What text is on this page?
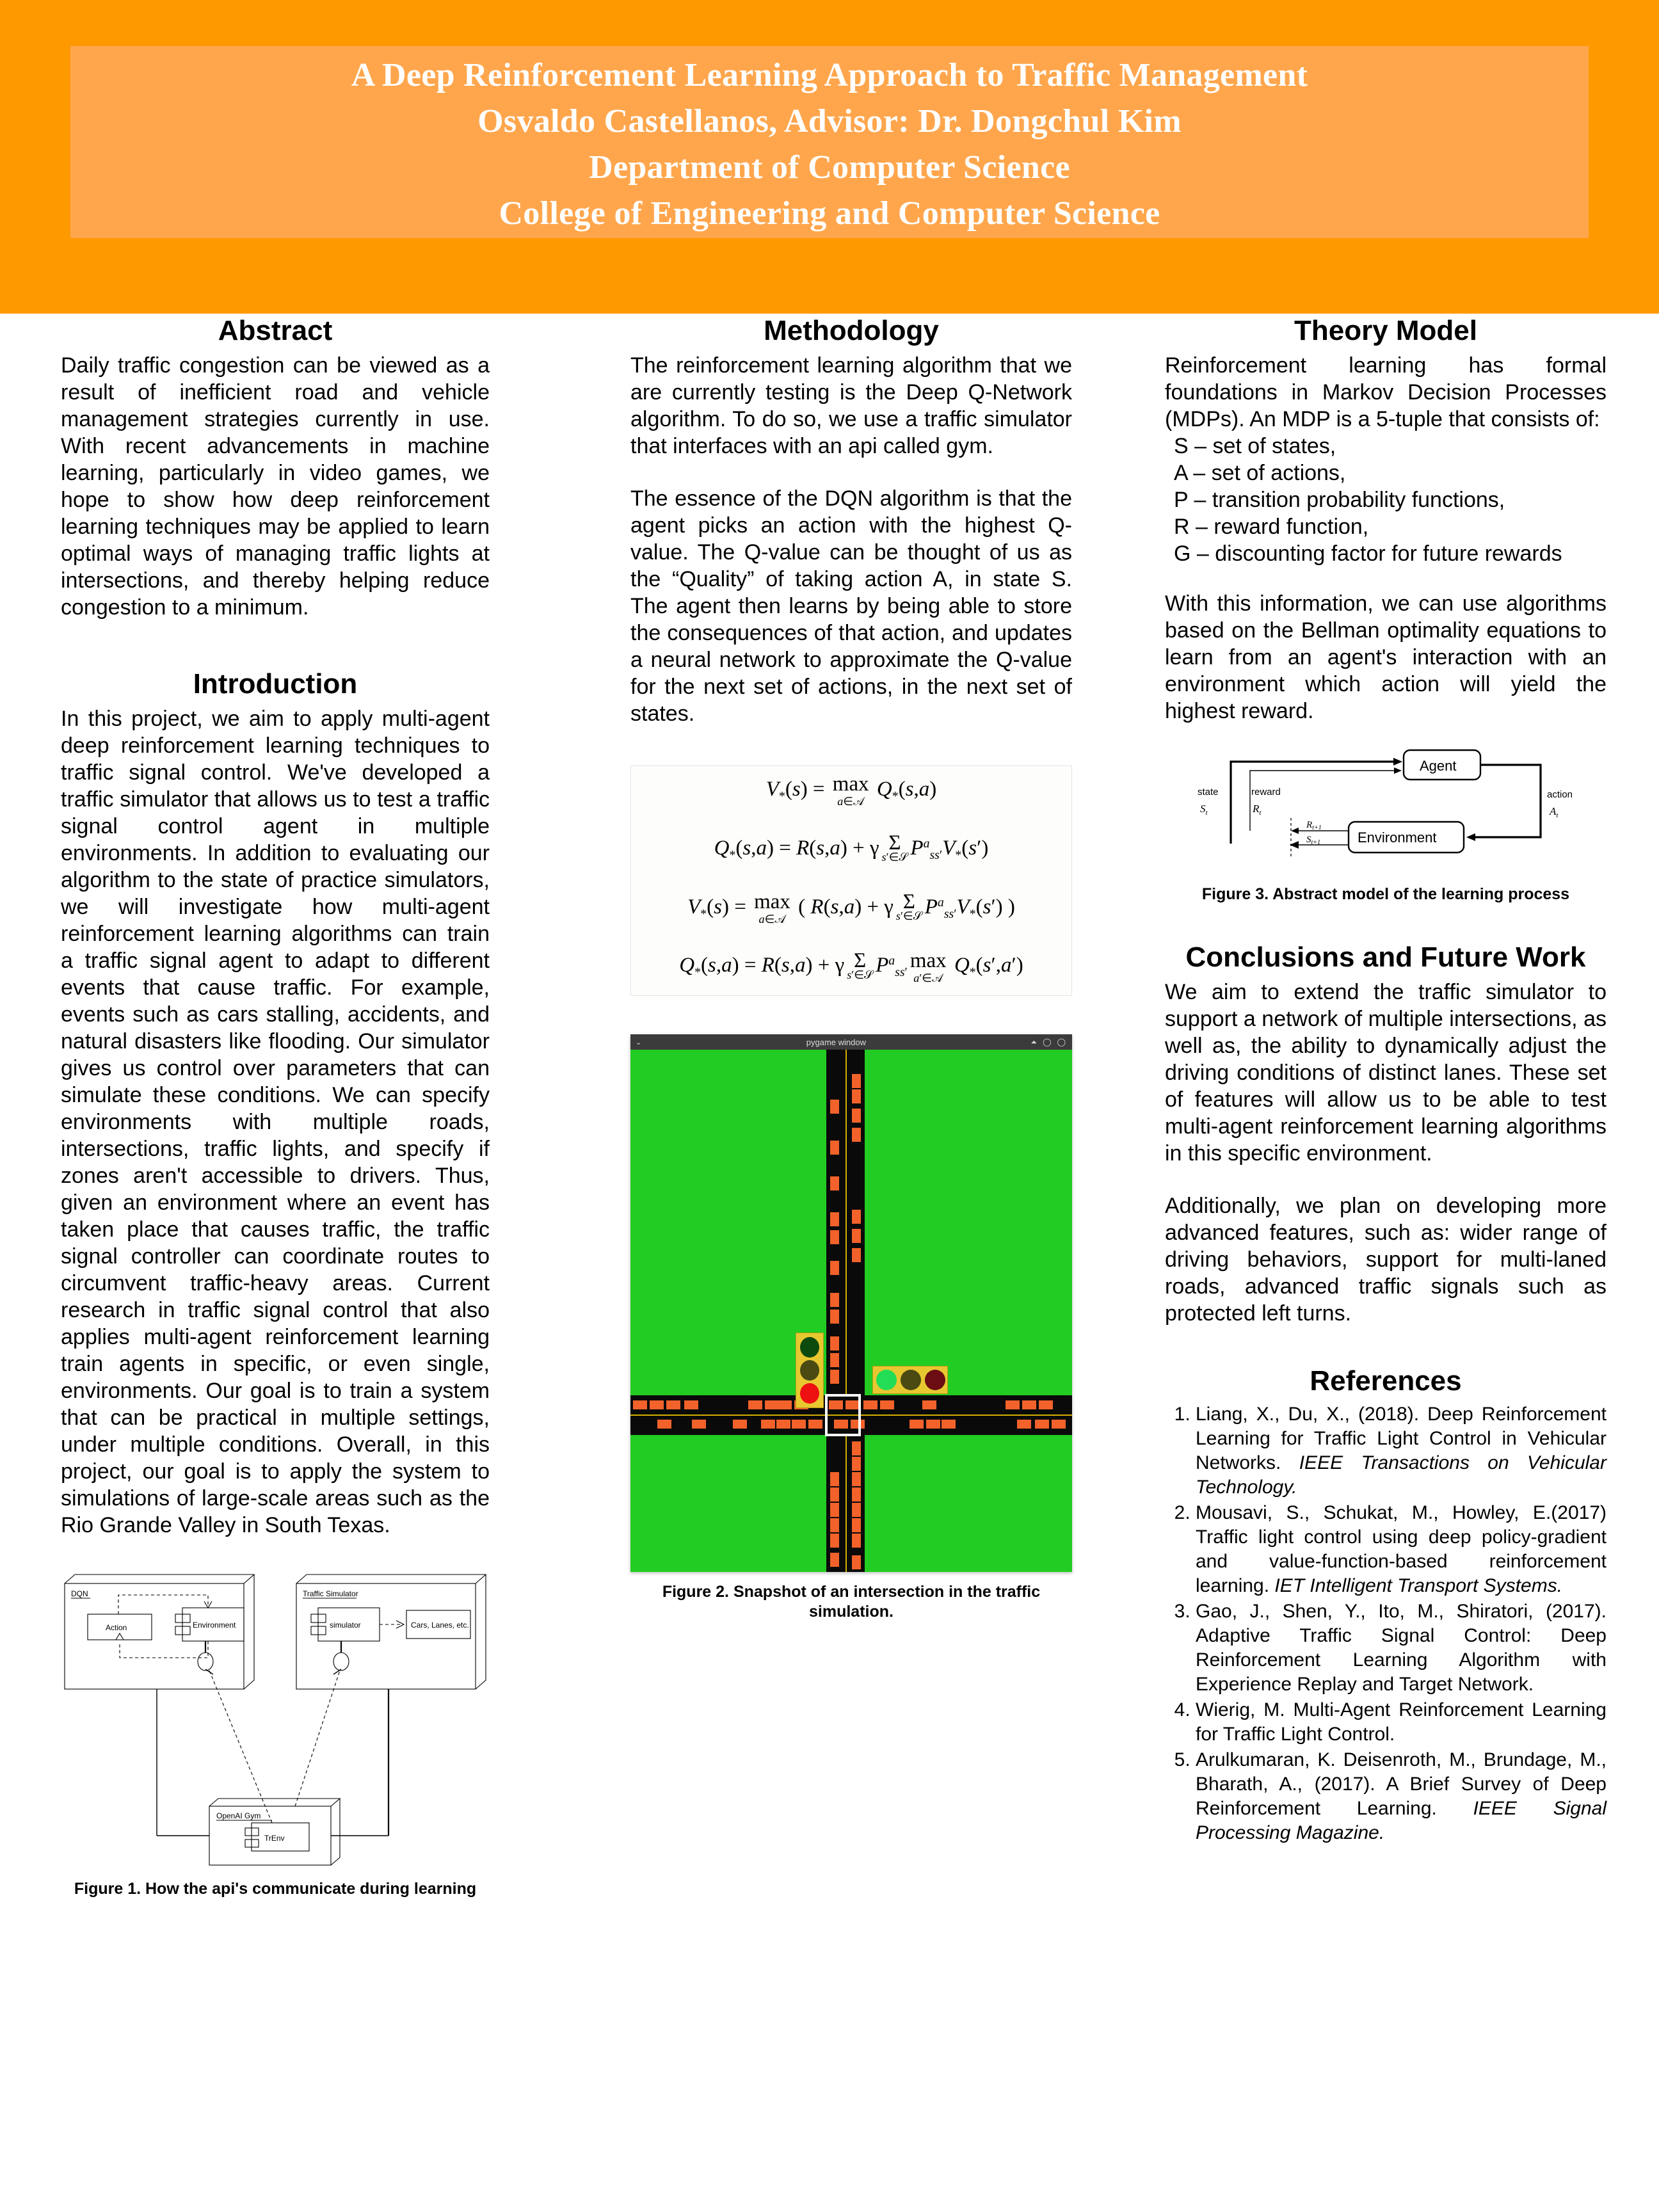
A Deep Reinforcement Learning Approach to Traffic Management
Osvaldo Castellanos, Advisor: Dr. Dongchul Kim
Department of Computer Science
College of Engineering and Computer Science
Abstract

Daily traffic congestion can be viewed as a result of inefficient road and vehicle management strategies currently in use. With recent advancements in machine learning, particularly in video games, we hope to show how deep reinforcement learning techniques may be applied to learn optimal ways of managing traffic lights at intersections, and thereby helping reduce congestion to a minimum.

Introduction

In this project, we aim to apply multi-agent deep reinforcement learning techniques to traffic signal control. We've developed a traffic simulator that allows us to test a traffic signal control agent in multiple environments. In addition to evaluating our algorithm to the state of practice simulators, we will investigate how multi-agent reinforcement learning algorithms can train a traffic signal agent to adapt to different events that cause traffic. For example, events such as cars stalling, accidents, and natural disasters like flooding. Our simulator gives us control over parameters that can simulate these conditions. We can specify environments with multiple roads, intersections, traffic lights, and specify if zones aren't accessible to drivers. Thus, given an environment where an event has taken place that causes traffic, the traffic signal controller can coordinate routes to circumvent traffic-heavy areas. Current research in traffic signal control that also applies multi-agent reinforcement learning train agents in specific, or even single, environments. Our goal is to train a system that can be practical in multiple settings, under multiple conditions. Overall, in this project, our goal is to apply the system to simulations of large-scale areas such as the Rio Grande Valley in South Texas.

DQN	Traffic Simulator
OpenAI Gym
Action	Environment	simulator	Cars, Lanes, etc.
TrEnv
Figure 1. How the api's communicate during learning
Methodology

The reinforcement learning algorithm that we are currently testing is the Deep Q-Network algorithm. To do so, we use a traffic simulator that interfaces with an api called gym.

The essence of the DQN algorithm is that the agent picks an action with the highest Q-value. The Q-value can be thought of us as the “Quality” of taking action A, in state S. The agent then learns by being able to store the consequences of that action, and updates a neural network to approximate the Q-value for the next set of actions, in the next set of states.

$V_*(s) = \max$
a∈𝒜
$Q_*(s,a)$
$Q_*(s,a) = R(s,a) + \gamma$ Σ
s′∈𝒮 $P^a_{ss'}V_*(s')$
$V_*(s) = \max$
a∈𝒜
( R(s,a) + γ Σ
s′∈𝒮 $P^a_{ss'}V_*(s')$ )
$Q_*(s,a) = R(s,a) + \gamma$ Σ
s′∈𝒮 $P^a_{ss'}$
max
a′∈𝒜
$Q_*(s',a')$
⌄	pygame window	⏶ ◯ ◯
Figure 2. Snapshot of an intersection in the traffic simulation.
Theory Model

Reinforcement learning has formal foundations in Markov Decision Processes (MDPs). An MDP is a 5-tuple that consists of:

S – set of states,
A – set of actions,
P – transition probability functions,
R – reward function,
G – discounting factor for future rewards

With this information, we can use algorithms based on the Bellman optimality equations to learn from an agent's interaction with an environment which action will yield the highest reward.

Agent
Environment
state	reward	action
$S_t$	$R_t$	$A_t$
$R_{t+1}$
$S_{t+1}$
Figure 3. Abstract model of the learning process
Conclusions and Future Work

We aim to extend the traffic simulator to support a network of multiple intersections, as well as, the ability to dynamically adjust the driving conditions of distinct lanes. These set of features will allow us to be able to test multi-agent reinforcement learning algorithms in this specific environment.

Additionally, we plan on developing more advanced features, such as: wider range of driving behaviors, support for multi-laned roads, advanced traffic signals such as protected left turns.

References
1. Liang, X., Du, X., (2018). Deep Reinforcement Learning for Traffic Light Control in Vehicular Networks. IEEE Transactions on Vehicular Technology.
2. Mousavi, S., Schukat, M., Howley, E.(2017) Traffic light control using deep policy-gradient and value-function-based reinforcement learning. IET Intelligent Transport Systems.
3. Gao, J., Shen, Y., Ito, M., Shiratori, (2017). Adaptive Traffic Signal Control: Deep Reinforcement Learning Algorithm with Experience Replay and Target Network.
4. Wierig, M. Multi-Agent Reinforcement Learning for Traffic Light Control.
5. Arulkumaran, K. Deisenroth, M., Brundage, M., Bharath, A., (2017). A Brief Survey of Deep Reinforcement Learning. IEEE Signal Processing Magazine.
